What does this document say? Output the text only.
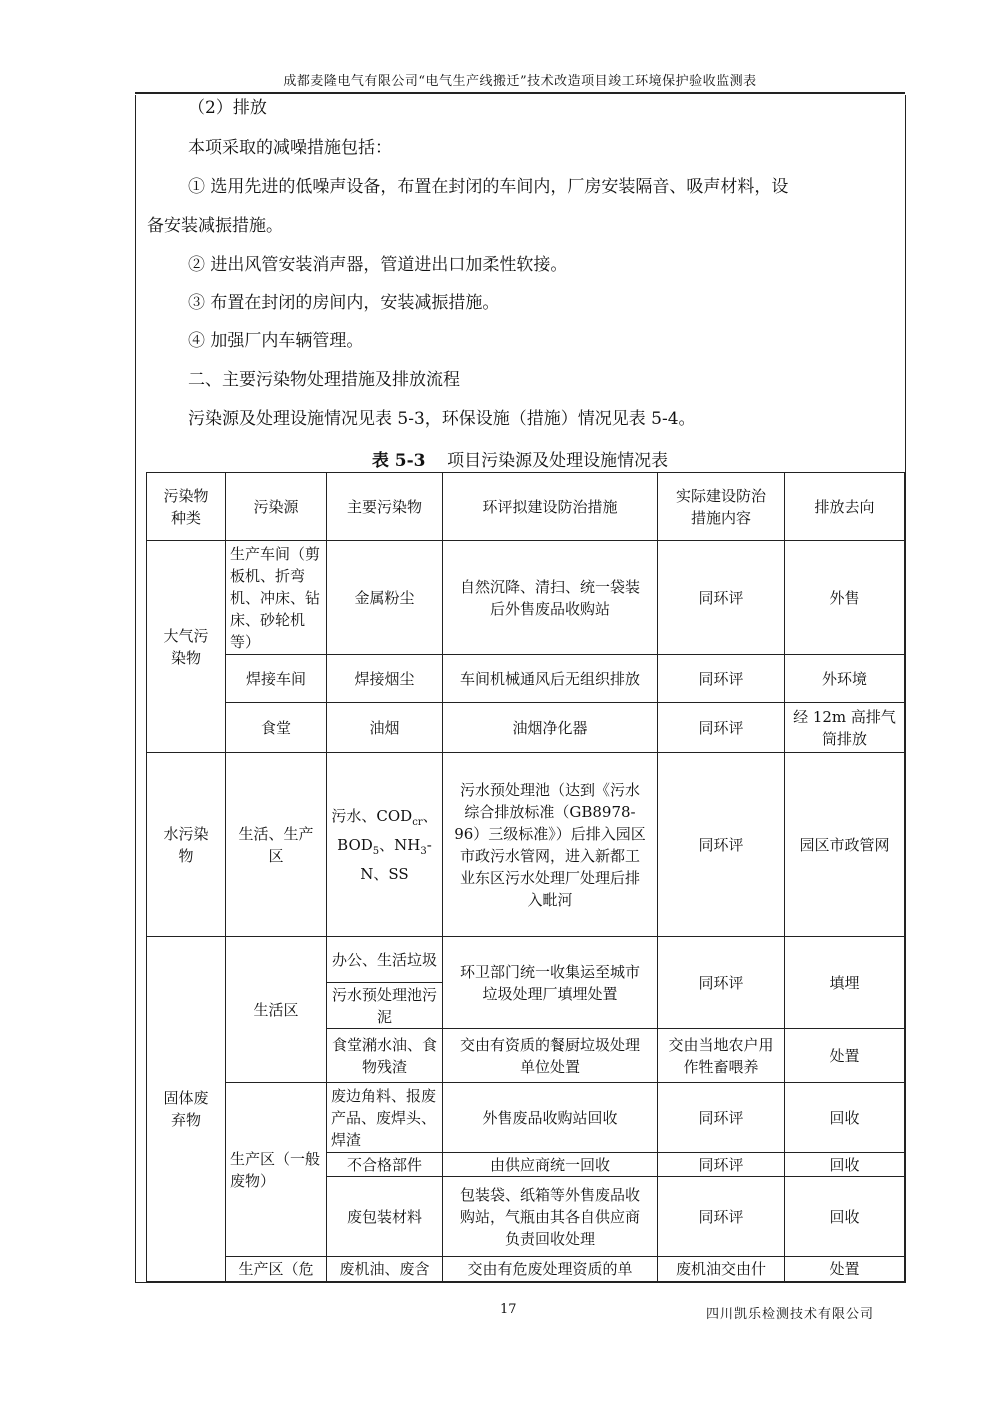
成都麦隆电气有限公司“电气生产线搬迁”技术改造项目竣工环境保护验收监测表
（2）排放
本项采取的减噪措施包括：
① 选用先进的低噪声设备，布置在封闭的车间内，厂房安装隔音、吸声材料，设
备安装减振措施。
② 进出风管安装消声器，管道进出口加柔性软接。
③ 布置在封闭的房间内，安装减振措施。
④ 加强厂内车辆管理。
二、主要污染物处理措施及排放流程
污染源及处理设施情况见表 5-3，环保设施（措施）情况见表 5-4。
表 5-3 项目污染源及处理设施情况表
污染物种类	污染源	主要污染物	环评拟建设防治措施	实际建设防治措施内容	排放去向
大气污染物	生产车间（剪板机、折弯机、冲床、钻床、砂轮机等）	金属粉尘	自然沉降、清扫、统一袋装后外售废品收购站	同环评	外售
	焊接车间	焊接烟尘	车间机械通风后无组织排放	同环评	外环境
	食堂	油烟	油烟净化器	同环评	经 12m 高排气筒排放
水污染物	生活、生产区	污水、$COD_{cr}$、$BOD_5$、$NH_3-N$、SS	污水预处理池（达到《污水综合排放标准（GB8978-96）三级标准》）后排入园区市政污水管网，进入新都工业东区污水处理厂处理后排入毗河	同环评	园区市政管网
固体废弃物	生活区	办公、生活垃圾	环卫部门统一收集运至城市垃圾处理厂填埋处置	同环评	填埋
		污水预处理池污泥			
		食堂潲水油、食物残渣	交由有资质的餐厨垃圾处理单位处置	交由当地农户用作牲畜喂养	处置
	生产区（一般废物）	废边角料、报废产品、废焊头、焊渣	外售废品收购站回收	同环评	回收
		不合格部件	由供应商统一回收	同环评	回收
		废包装材料	包装袋、纸箱等外售废品收购站，气瓶由其各自供应商负责回收处理	同环评	回收
	生产区（危	废机油、废含	交由有危废处理资质的单	废机油交由什	处置
17	四川凯乐检测技术有限公司
